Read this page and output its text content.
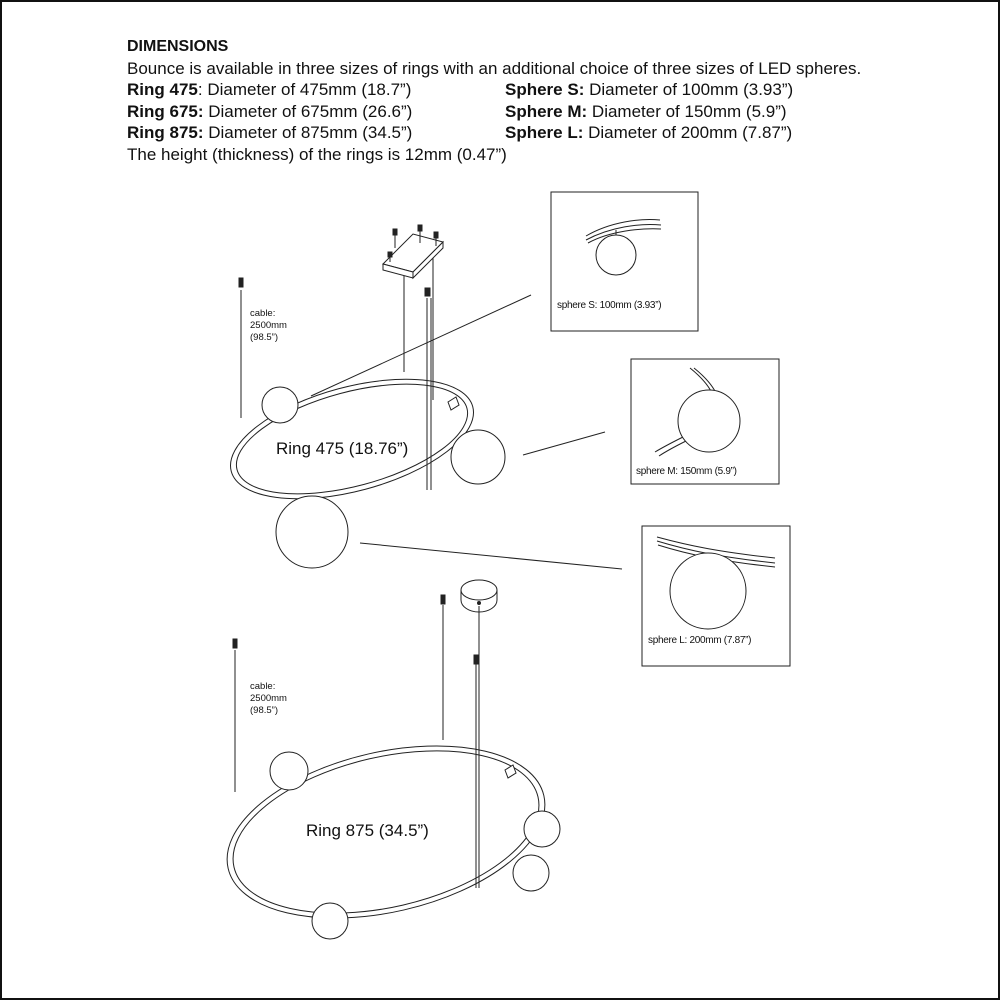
DIMENSIONS
Bounce is available in three sizes of rings with an additional choice of three sizes of LED spheres.
Ring 475: Diameter of 475mm (18.7”)	Sphere S: Diameter of 100mm (3.93”)
Ring 675: Diameter of 675mm (26.6”)	Sphere M: Diameter of 150mm (5.9”)
Ring 875: Diameter of 875mm (34.5”)	Sphere L: Diameter of 200mm (7.87”)
The height (thickness) of the rings is 12mm (0.47”)
Ring 475 (18.76”)
Ring 875 (34.5”)
cable:
2500mm
(98.5”)
cable:
2500mm
(98.5”)
sphere S: 100mm (3.93”)
sphere M: 150mm (5.9”)
sphere L: 200mm (7.87”)
